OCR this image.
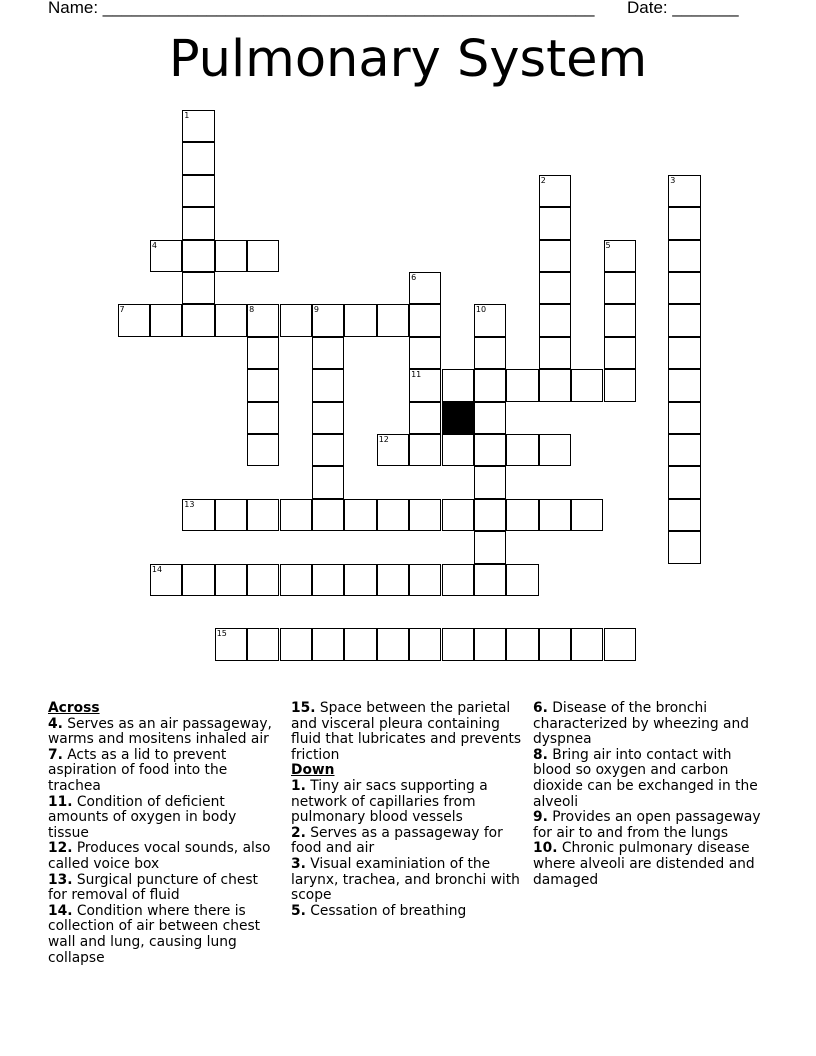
Name: ____________________________________________________ Date: _______
Pulmonary System
1
2	3
4	5
6
11
7	8	9	10
12
13
14
15
Across

4. Serves as an air passageway, warms and mositens inhaled air

7. Acts as a lid to prevent aspiration of food into the trachea

11. Condition of deficient amounts of oxygen in body tissue

12. Produces vocal sounds, also called voice box

13. Surgical puncture of chest for removal of fluid

14. Condition where there is collection of air between chest wall and lung, causing lung collapse

15. Space between the parietal and visceral pleura containing fluid that lubricates and prevents friction

Down

1. Tiny air sacs supporting a network of capillaries from pulmonary blood vessels

2. Serves as a passageway for food and air

3. Visual examiniation of the larynx, trachea, and bronchi with scope

5. Cessation of breathing

6. Disease of the bronchi characterized by wheezing and dyspnea

8. Bring air into contact with blood so oxygen and carbon dioxide can be exchanged in the alveoli

9. Provides an open passageway for air to and from the lungs

10. Chronic pulmonary disease where alveoli are distended and damaged
